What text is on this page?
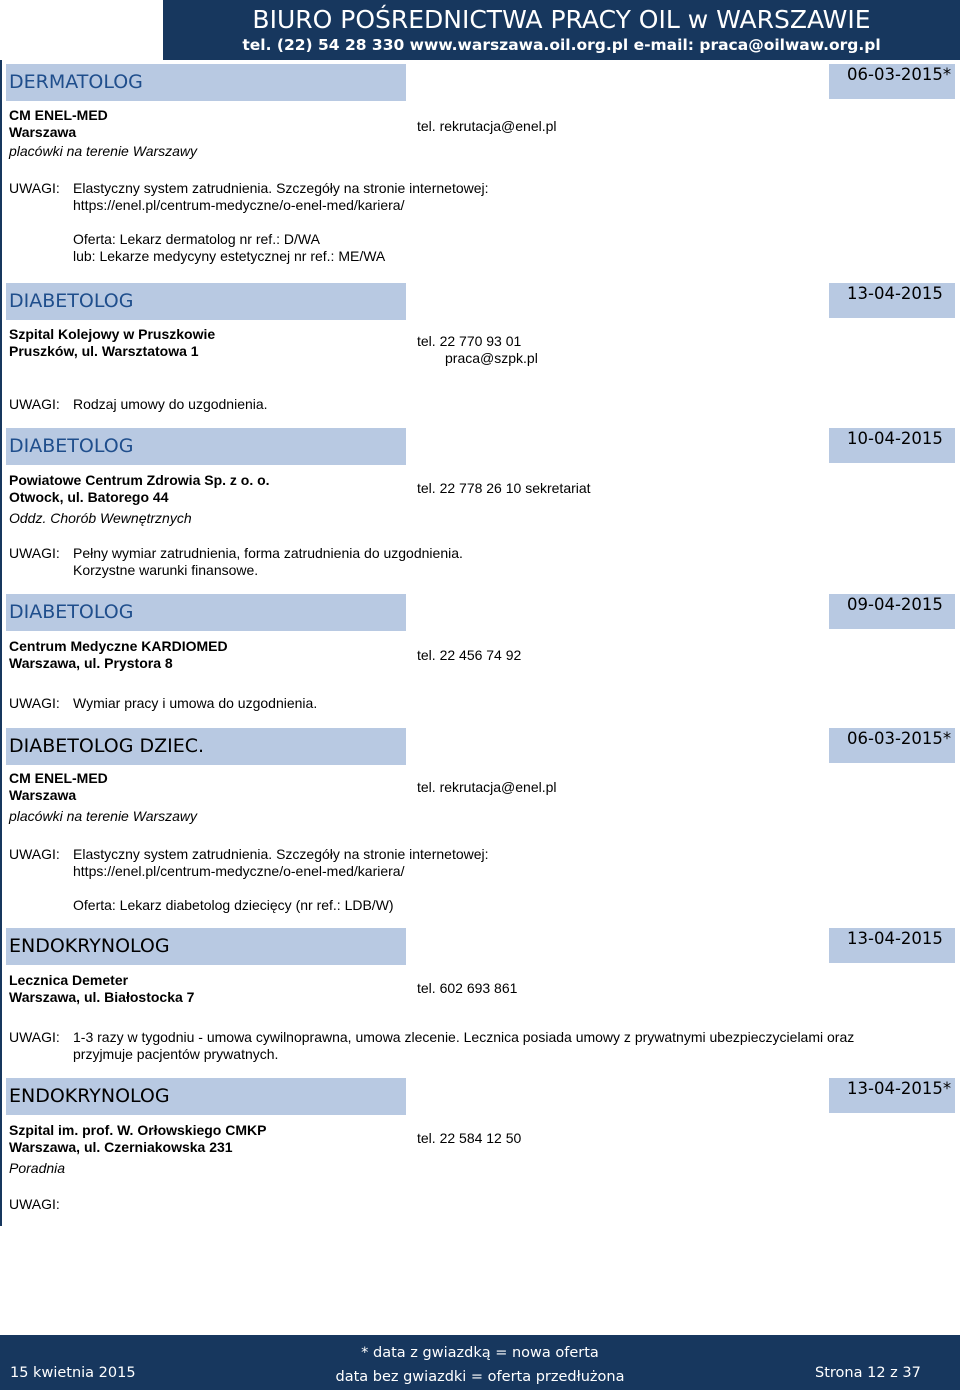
BIURO POŚREDNICTWA PRACY OIL w WARSZAWIE
tel. (22) 54 28 330 www.warszawa.oil.org.pl e-mail: praca@oilwaw.org.pl
DERMATOLOG	06-03-2015*
CM ENEL-MED
Warszawa
placówki na terenie Warszawy
tel. rekrutacja@enel.pl
UWAGI: Elastyczny system zatrudnienia. Szczegóły na stronie internetowej:
https://enel.pl/centrum-medyczne/o-enel-med/kariera/
Oferta: Lekarz dermatolog nr ref.: D/WA
lub: Lekarze medycyny estetycznej nr ref.: ME/WA
DIABETOLOG	13-04-2015
Szpital Kolejowy w Pruszkowie
Pruszków, ul. Warsztatowa 1
tel. 22 770 93 01
praca@szpk.pl
UWAGI: Rodzaj umowy do uzgodnienia.
DIABETOLOG	10-04-2015
Powiatowe Centrum Zdrowia Sp. z o. o.
Otwock, ul. Batorego 44
Oddz. Chorób Wewnętrznych
tel. 22 778 26 10 sekretariat
UWAGI: Pełny wymiar zatrudnienia, forma zatrudnienia do uzgodnienia.
Korzystne warunki finansowe.
DIABETOLOG	09-04-2015
Centrum Medyczne KARDIOMED
Warszawa, ul. Prystora 8	tel. 22 456 74 92
UWAGI: Wymiar pracy i umowa do uzgodnienia.
DIABETOLOG DZIEC.	06-03-2015*
CM ENEL-MED
Warszawa
placówki na terenie Warszawy
tel. rekrutacja@enel.pl
UWAGI: Elastyczny system zatrudnienia. Szczegóły na stronie internetowej:
https://enel.pl/centrum-medyczne/o-enel-med/kariera/
Oferta: Lekarz diabetolog dziecięcy (nr ref.: LDB/W)
ENDOKRYNOLOG	13-04-2015
Lecznica Demeter
Warszawa, ul. Białostocka 7
tel. 602 693 861
UWAGI: 1-3 razy w tygodniu - umowa cywilnoprawna, umowa zlecenie. Lecznica posiada umowy z prywatnymi ubezpieczycielami oraz
przyjmuje pacjentów prywatnych.
ENDOKRYNOLOG	13-04-2015*
Szpital im. prof. W. Orłowskiego CMKP
Warszawa, ul. Czerniakowska 231
Poradnia
tel. 22 584 12 50
UWAGI:
15 kwietnia 2015
* data z gwiazdką = nowa oferta
data bez gwiazdki = oferta przedłużona	Strona 12 z 37
